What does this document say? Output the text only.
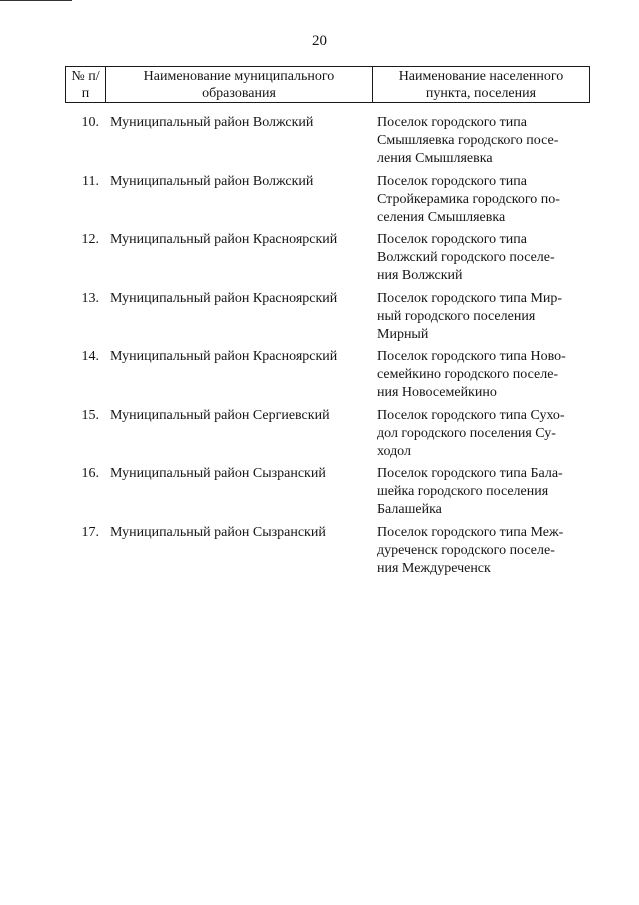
20
№ п/п	Наименование муниципального образования	Наименование населенного пункта, поселения
10. Муниципальный район Волжский	Поселок городского типа
Смышляевка городского посе-
ления Смышляевка
11. Муниципальный район Волжский	Поселок городского типа
Стройкерамика городского по-
селения Смышляевка
12. Муниципальный район Красноярский	Поселок городского типа
Волжский городского поселе-
ния Волжский
13. Муниципальный район Красноярский	Поселок городского типа Мир-
ный городского поселения
Мирный
14. Муниципальный район Красноярский	Поселок городского типа Ново-
семейкино городского поселе-
ния Новосемейкино
15. Муниципальный район Сергиевский	Поселок городского типа Сухо-
дол городского поселения Су-
ходол
16. Муниципальный район Сызранский	Поселок городского типа Бала-
шейка городского поселения
Балашейка
17. Муниципальный район Сызранский	Поселок городского типа Меж-
дуреченск городского поселе-
ния Междуреченск
